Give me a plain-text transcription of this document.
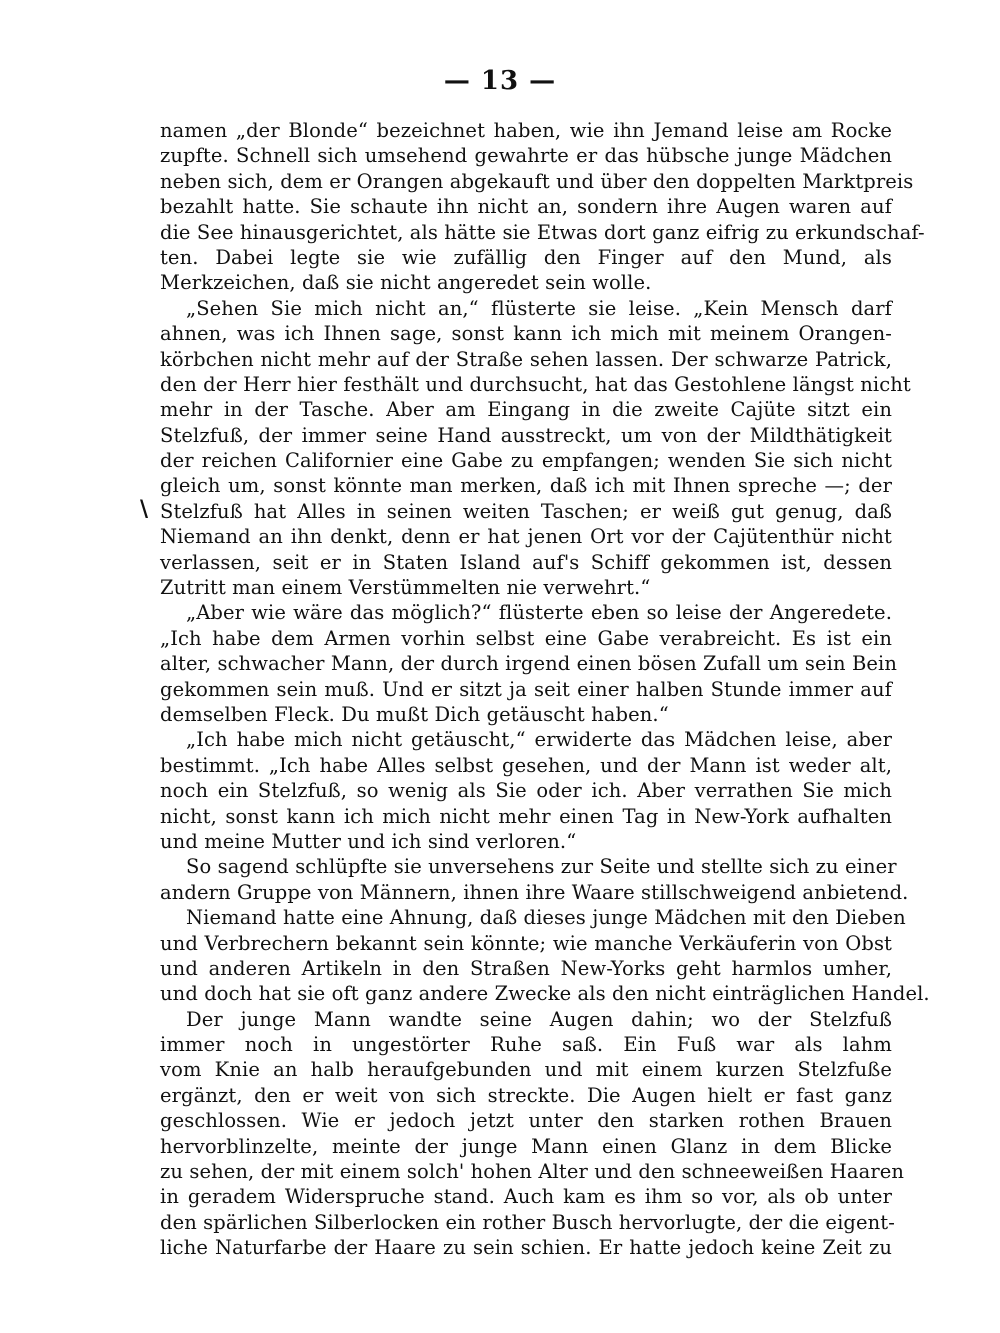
— 13 —
\
namen „der Blonde“ bezeichnet haben, wie ihn Jemand leise am Rocke
zupfte. Schnell sich umsehend gewahrte er das hübsche junge Mädchen
neben sich, dem er Orangen abgekauft und über den doppelten Marktpreis
bezahlt hatte. Sie schaute ihn nicht an, sondern ihre Augen waren auf
die See hinausgerichtet, als hätte sie Etwas dort ganz eifrig zu erkundschaf-
ten. Dabei legte sie wie zufällig den Finger auf den Mund, als
Merkzeichen, daß sie nicht angeredet sein wolle.
„Sehen Sie mich nicht an,“ flüsterte sie leise. „Kein Mensch darf
ahnen, was ich Ihnen sage, sonst kann ich mich mit meinem Orangen-
körbchen nicht mehr auf der Straße sehen lassen. Der schwarze Patrick,
den der Herr hier festhält und durchsucht, hat das Gestohlene längst nicht
mehr in der Tasche. Aber am Eingang in die zweite Cajüte sitzt ein
Stelzfuß, der immer seine Hand ausstreckt, um von der Mildthätigkeit
der reichen Californier eine Gabe zu empfangen; wenden Sie sich nicht
gleich um, sonst könnte man merken, daß ich mit Ihnen spreche —; der
Stelzfuß hat Alles in seinen weiten Taschen; er weiß gut genug, daß
Niemand an ihn denkt, denn er hat jenen Ort vor der Cajütenthür nicht
verlassen, seit er in Staten Island auf's Schiff gekommen ist, dessen
Zutritt man einem Verstümmelten nie verwehrt.“
„Aber wie wäre das möglich?“ flüsterte eben so leise der Angeredete.
„Ich habe dem Armen vorhin selbst eine Gabe verabreicht. Es ist ein
alter, schwacher Mann, der durch irgend einen bösen Zufall um sein Bein
gekommen sein muß. Und er sitzt ja seit einer halben Stunde immer auf
demselben Fleck. Du mußt Dich getäuscht haben.“
„Ich habe mich nicht getäuscht,“ erwiderte das Mädchen leise, aber
bestimmt. „Ich habe Alles selbst gesehen, und der Mann ist weder alt,
noch ein Stelzfuß, so wenig als Sie oder ich. Aber verrathen Sie mich
nicht, sonst kann ich mich nicht mehr einen Tag in New-York aufhalten
und meine Mutter und ich sind verloren.“
So sagend schlüpfte sie unversehens zur Seite und stellte sich zu einer
andern Gruppe von Männern, ihnen ihre Waare stillschweigend anbietend.
Niemand hatte eine Ahnung, daß dieses junge Mädchen mit den Dieben
und Verbrechern bekannt sein könnte; wie manche Verkäuferin von Obst
und anderen Artikeln in den Straßen New-Yorks geht harmlos umher,
und doch hat sie oft ganz andere Zwecke als den nicht einträglichen Handel.
Der junge Mann wandte seine Augen dahin; wo der Stelzfuß
immer noch in ungestörter Ruhe saß. Ein Fuß war als lahm
vom Knie an halb heraufgebunden und mit einem kurzen Stelzfuße
ergänzt, den er weit von sich streckte. Die Augen hielt er fast ganz
geschlossen. Wie er jedoch jetzt unter den starken rothen Brauen
hervorblinzelte, meinte der junge Mann einen Glanz in dem Blicke
zu sehen, der mit einem solch' hohen Alter und den schneeweißen Haaren
in geradem Widerspruche stand. Auch kam es ihm so vor, als ob unter
den spärlichen Silberlocken ein rother Busch hervorlugte, der die eigent-
liche Naturfarbe der Haare zu sein schien. Er hatte jedoch keine Zeit zu
